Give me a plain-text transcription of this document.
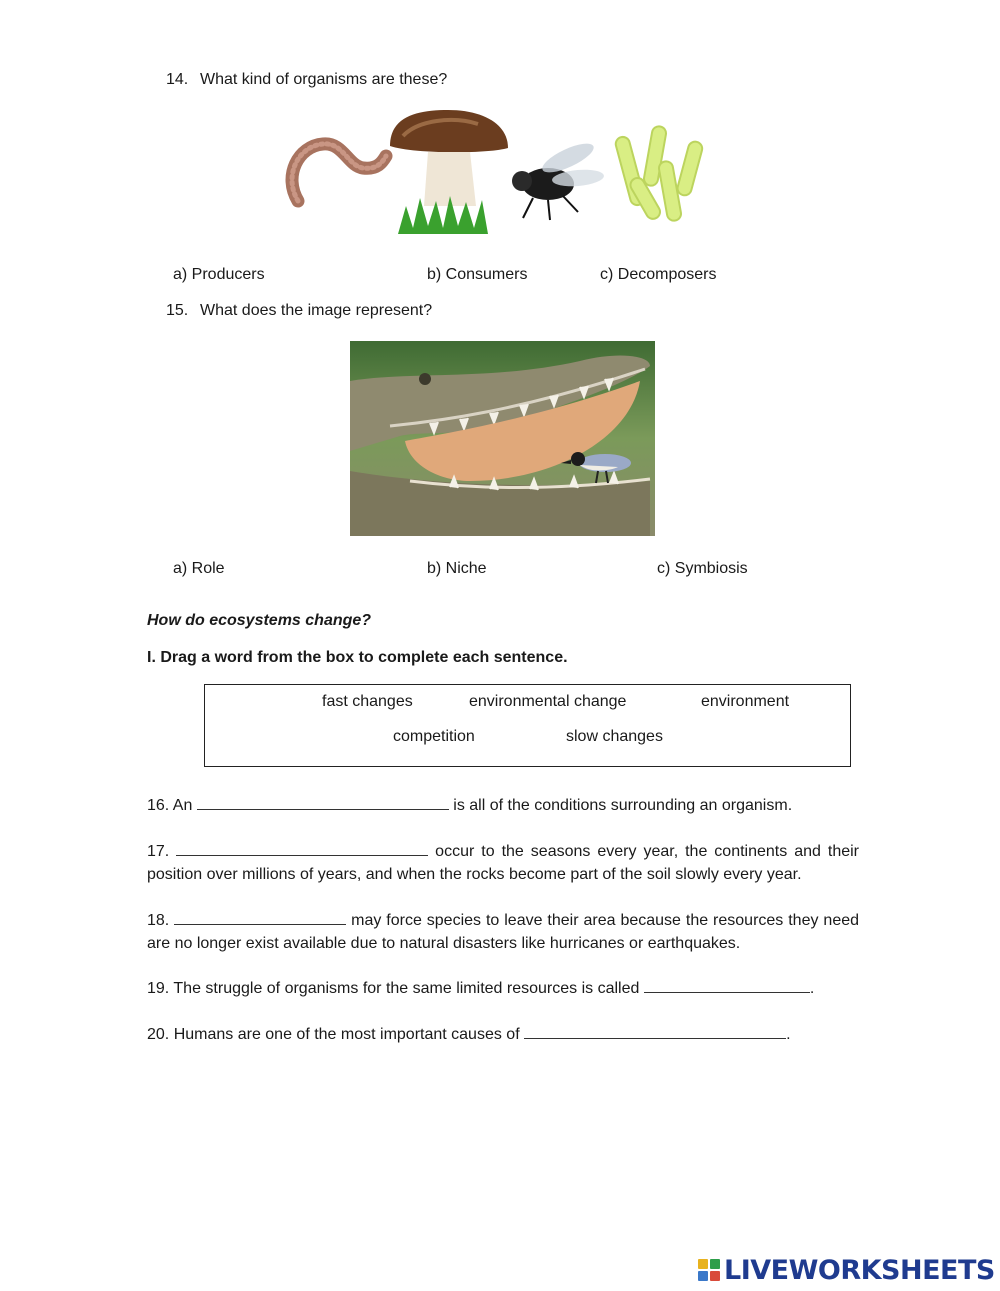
14. What kind of organisms are these?
a) Producers	b) Consumers	c) Decomposers
15. What does the image represent?
a) Role	b) Niche	c) Symbiosis
How do ecosystems change?
I. Drag a word from the box to complete each sentence.
fast changes	environmental change	environment
competition	slow changes
16. An	is all of the conditions surrounding an organism.
17.	occur to the seasons every year, the continents and their position over millions of years, and when the rocks become part of the soil slowly every year.
18.	may force species to leave their area because the resources they need are no longer exist available due to natural disasters like hurricanes or earthquakes.
19. The struggle of organisms for the same limited resources is called	.
20. Humans are one of the most important causes of	.
LIVEWORKSHEETS
